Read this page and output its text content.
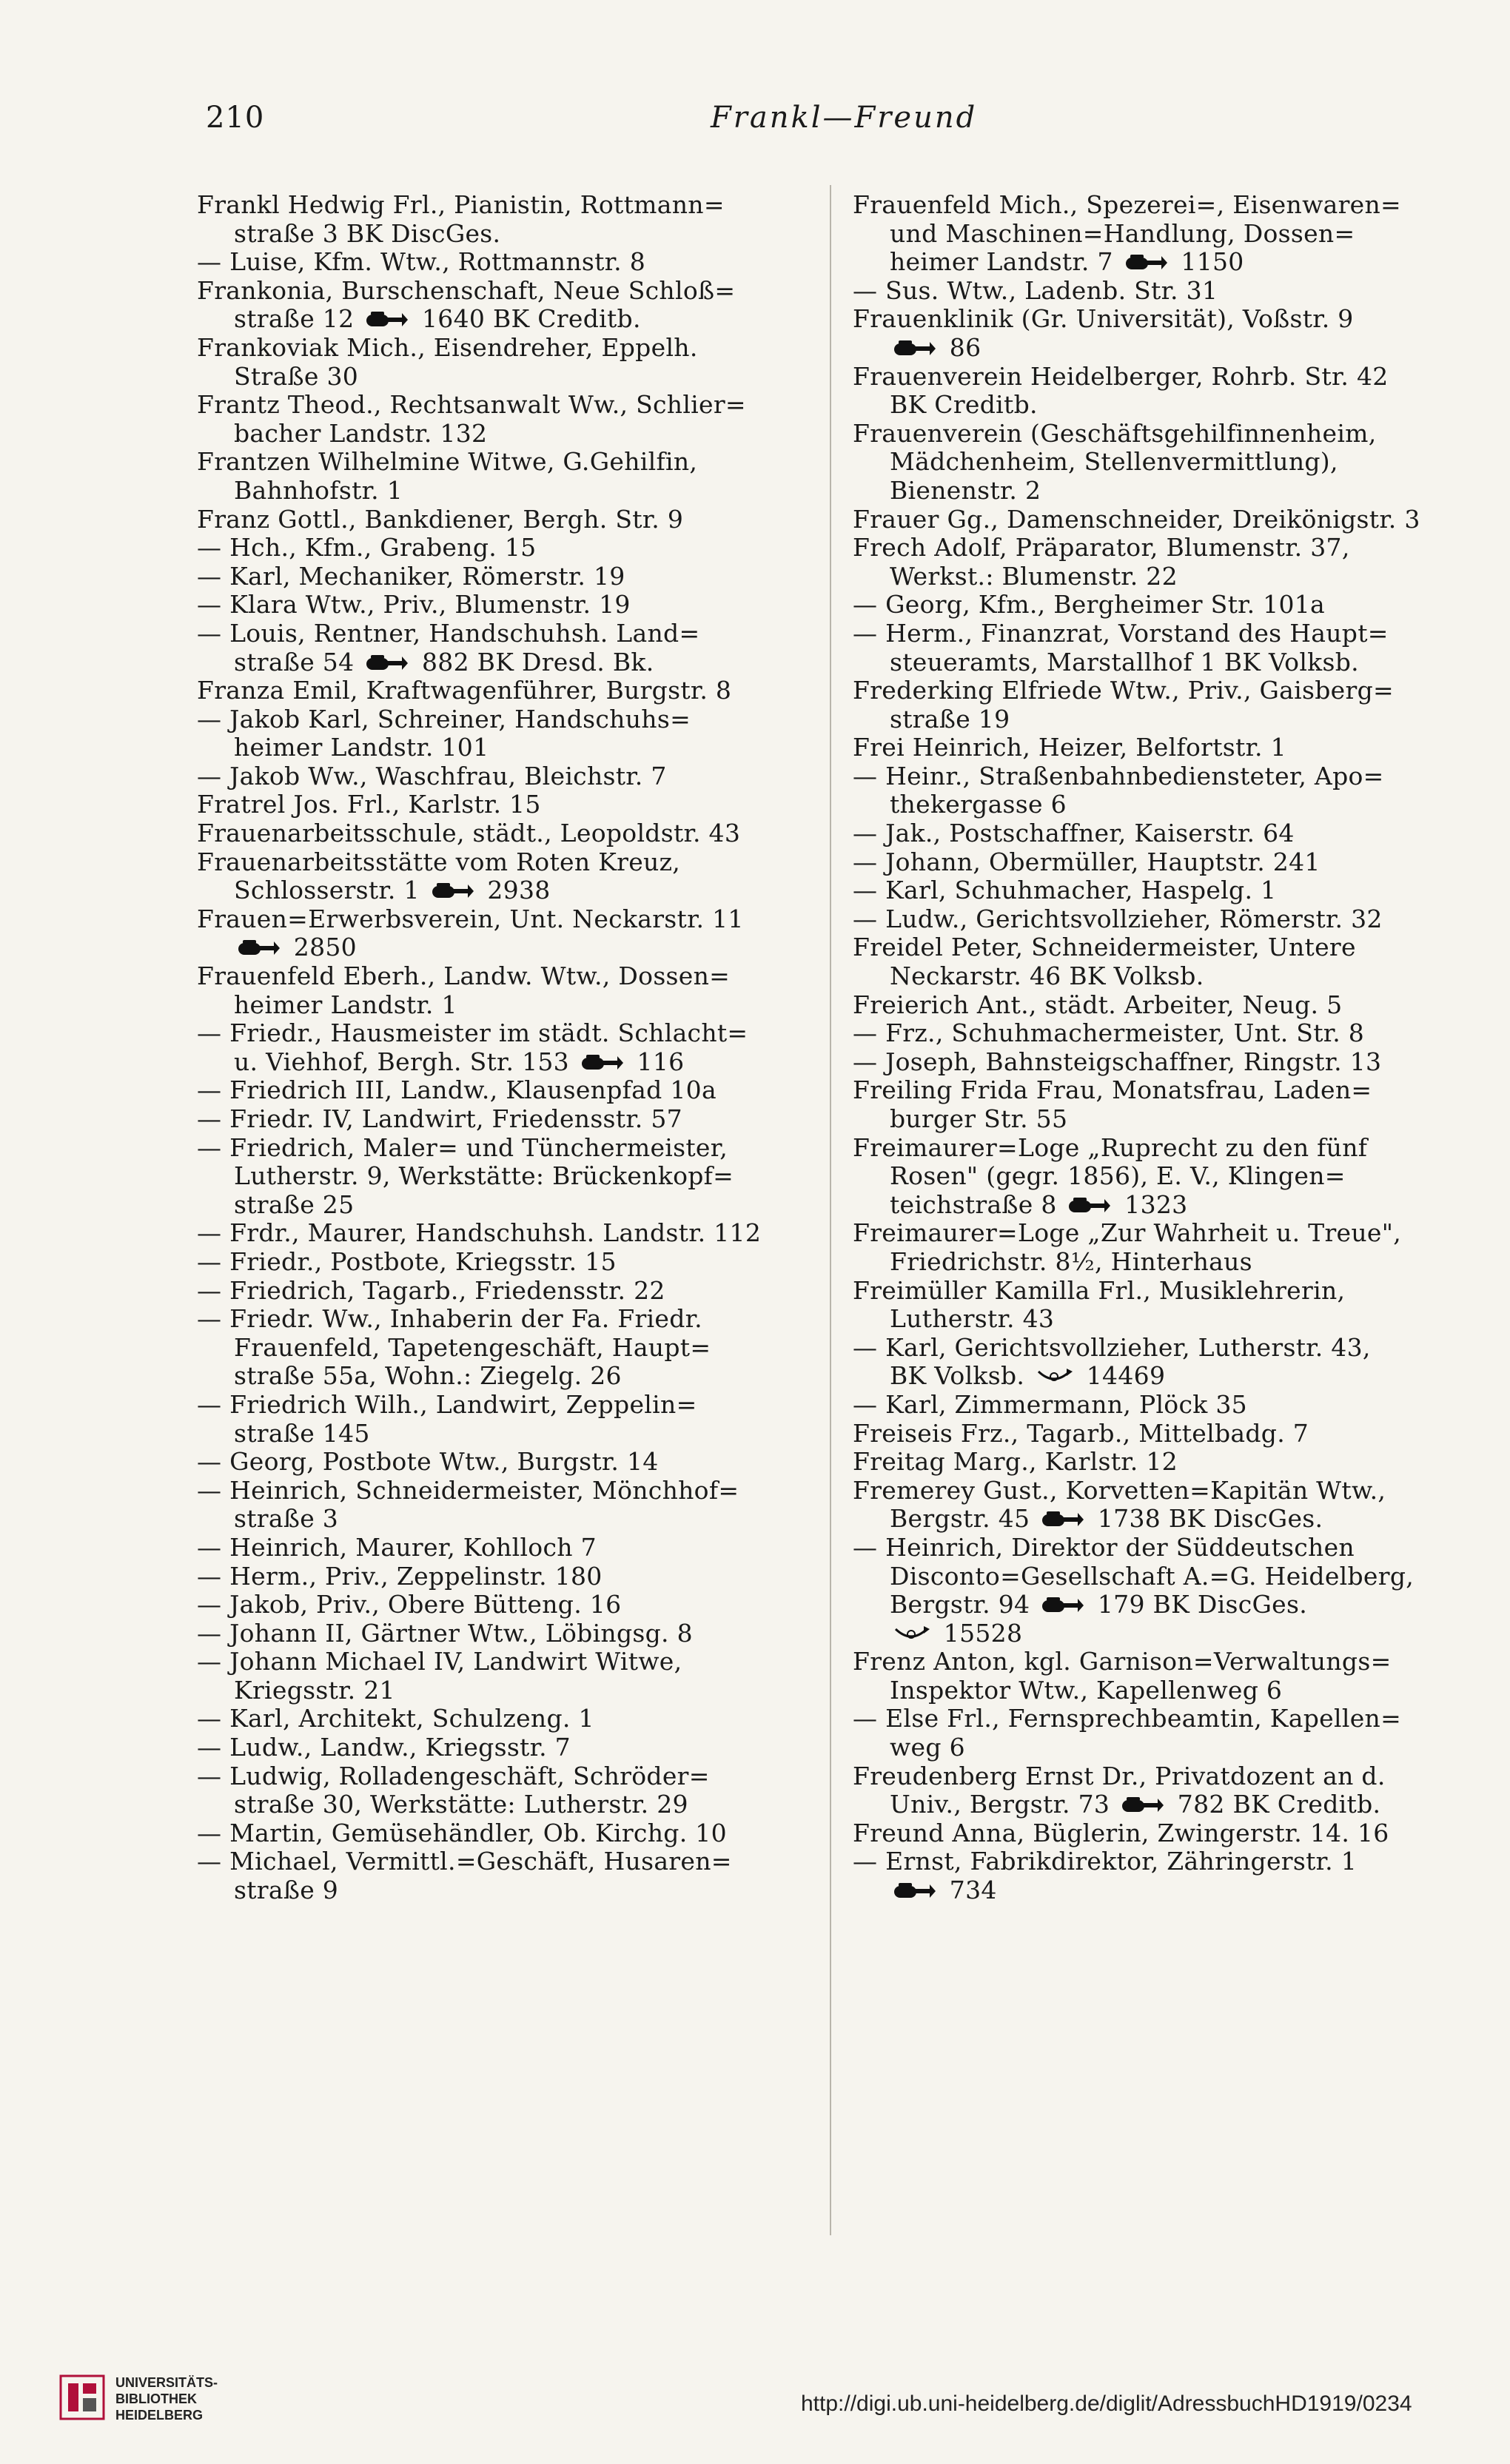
210	Frankl—Freund
Frankl Hedwig Frl., Pianistin, Rottmann=
straße 3 BK DiscGes.
— Luise, Kfm. Wtw., Rottmannstr. 8
Frankonia, Burschenschaft, Neue Schloß=
straße 12  1640 BK Creditb.
Frankoviak Mich., Eisendreher, Eppelh.
Straße 30
Frantz Theod., Rechtsanwalt Ww., Schlier=
bacher Landstr. 132
Frantzen Wilhelmine Witwe, G.Gehilfin,
Bahnhofstr. 1
Franz Gottl., Bankdiener, Bergh. Str. 9
— Hch., Kfm., Grabeng. 15
— Karl, Mechaniker, Römerstr. 19
— Klara Wtw., Priv., Blumenstr. 19
— Louis, Rentner, Handschuhsh. Land=
straße 54  882 BK Dresd. Bk.
Franza Emil, Kraftwagenführer, Burgstr. 8
— Jakob Karl, Schreiner, Handschuhs=
heimer Landstr. 101
— Jakob Ww., Waschfrau, Bleichstr. 7
Fratrel Jos. Frl., Karlstr. 15
Frauenarbeitsschule, städt., Leopoldstr. 43
Frauenarbeitsstätte vom Roten Kreuz,
Schlosserstr. 1  2938
Frauen=Erwerbsverein, Unt. Neckarstr. 11
2850
Frauenfeld Eberh., Landw. Wtw., Dossen=
heimer Landstr. 1
— Friedr., Hausmeister im städt. Schlacht=
u. Viehhof, Bergh. Str. 153  116
— Friedrich III, Landw., Klausenpfad 10a
— Friedr. IV, Landwirt, Friedensstr. 57
— Friedrich, Maler= und Tünchermeister,
Lutherstr. 9, Werkstätte: Brückenkopf=
straße 25
— Frdr., Maurer, Handschuhsh. Landstr. 112
— Friedr., Postbote, Kriegsstr. 15
— Friedrich, Tagarb., Friedensstr. 22
— Friedr. Ww., Inhaberin der Fa. Friedr.
Frauenfeld, Tapetengeschäft, Haupt=
straße 55a, Wohn.: Ziegelg. 26
— Friedrich Wilh., Landwirt, Zeppelin=
straße 145
— Georg, Postbote Wtw., Burgstr. 14
— Heinrich, Schneidermeister, Mönchhof=
straße 3
— Heinrich, Maurer, Kohlloch 7
— Herm., Priv., Zeppelinstr. 180
— Jakob, Priv., Obere Bütteng. 16
— Johann II, Gärtner Wtw., Löbingsg. 8
— Johann Michael IV, Landwirt Witwe,
Kriegsstr. 21
— Karl, Architekt, Schulzeng. 1
— Ludw., Landw., Kriegsstr. 7
— Ludwig, Rolladengeschäft, Schröder=
straße 30, Werkstätte: Lutherstr. 29
— Martin, Gemüsehändler, Ob. Kirchg. 10
— Michael, Vermittl.=Geschäft, Husaren=
straße 9
Frauenfeld Mich., Spezerei=, Eisenwaren=
und Maschinen=Handlung, Dossen=
heimer Landstr. 7  1150
— Sus. Wtw., Ladenb. Str. 31
Frauenklinik (Gr. Universität), Voßstr. 9
86
Frauenverein Heidelberger, Rohrb. Str. 42
BK Creditb.
Frauenverein (Geschäftsgehilfinnenheim,
Mädchenheim, Stellenvermittlung),
Bienenstr. 2
Frauer Gg., Damenschneider, Dreikönigstr. 3
Frech Adolf, Präparator, Blumenstr. 37,
Werkst.: Blumenstr. 22
— Georg, Kfm., Bergheimer Str. 101a
— Herm., Finanzrat, Vorstand des Haupt=
steueramts, Marstallhof 1 BK Volksb.
Frederking Elfriede Wtw., Priv., Gaisberg=
straße 19
Frei Heinrich, Heizer, Belfortstr. 1
— Heinr., Straßenbahnbediensteter, Apo=
thekergasse 6
— Jak., Postschaffner, Kaiserstr. 64
— Johann, Obermüller, Hauptstr. 241
— Karl, Schuhmacher, Haspelg. 1
— Ludw., Gerichtsvollzieher, Römerstr. 32
Freidel Peter, Schneidermeister, Untere
Neckarstr. 46 BK Volksb.
Freierich Ant., städt. Arbeiter, Neug. 5
— Frz., Schuhmachermeister, Unt. Str. 8
— Joseph, Bahnsteigschaffner, Ringstr. 13
Freiling Frida Frau, Monatsfrau, Laden=
burger Str. 55
Freimaurer=Loge „Ruprecht zu den fünf
Rosen" (gegr. 1856), E. V., Klingen=
teichstraße 8  1323
Freimaurer=Loge „Zur Wahrheit u. Treue",
Friedrichstr. 8½, Hinterhaus
Freimüller Kamilla Frl., Musiklehrerin,
Lutherstr. 43
— Karl, Gerichtsvollzieher, Lutherstr. 43,
BK Volksb.  14469
— Karl, Zimmermann, Plöck 35
Freiseis Frz., Tagarb., Mittelbadg. 7
Freitag Marg., Karlstr. 12
Fremerey Gust., Korvetten=Kapitän Wtw.,
Bergstr. 45  1738 BK DiscGes.
— Heinrich, Direktor der Süddeutschen
Disconto=Gesellschaft A.=G. Heidelberg,
Bergstr. 94  179 BK DiscGes.
15528
Frenz Anton, kgl. Garnison=Verwaltungs=
Inspektor Wtw., Kapellenweg 6
— Else Frl., Fernsprechbeamtin, Kapellen=
weg 6
Freudenberg Ernst Dr., Privatdozent an d.
Univ., Bergstr. 73  782 BK Creditb.
Freund Anna, Büglerin, Zwingerstr. 14. 16
— Ernst, Fabrikdirektor, Zähringerstr. 1
734
UNIVERSITÄTS-
BIBLIOTHEK
HEIDELBERG	http://digi.ub.uni-heidelberg.de/diglit/AdressbuchHD1919/0234
